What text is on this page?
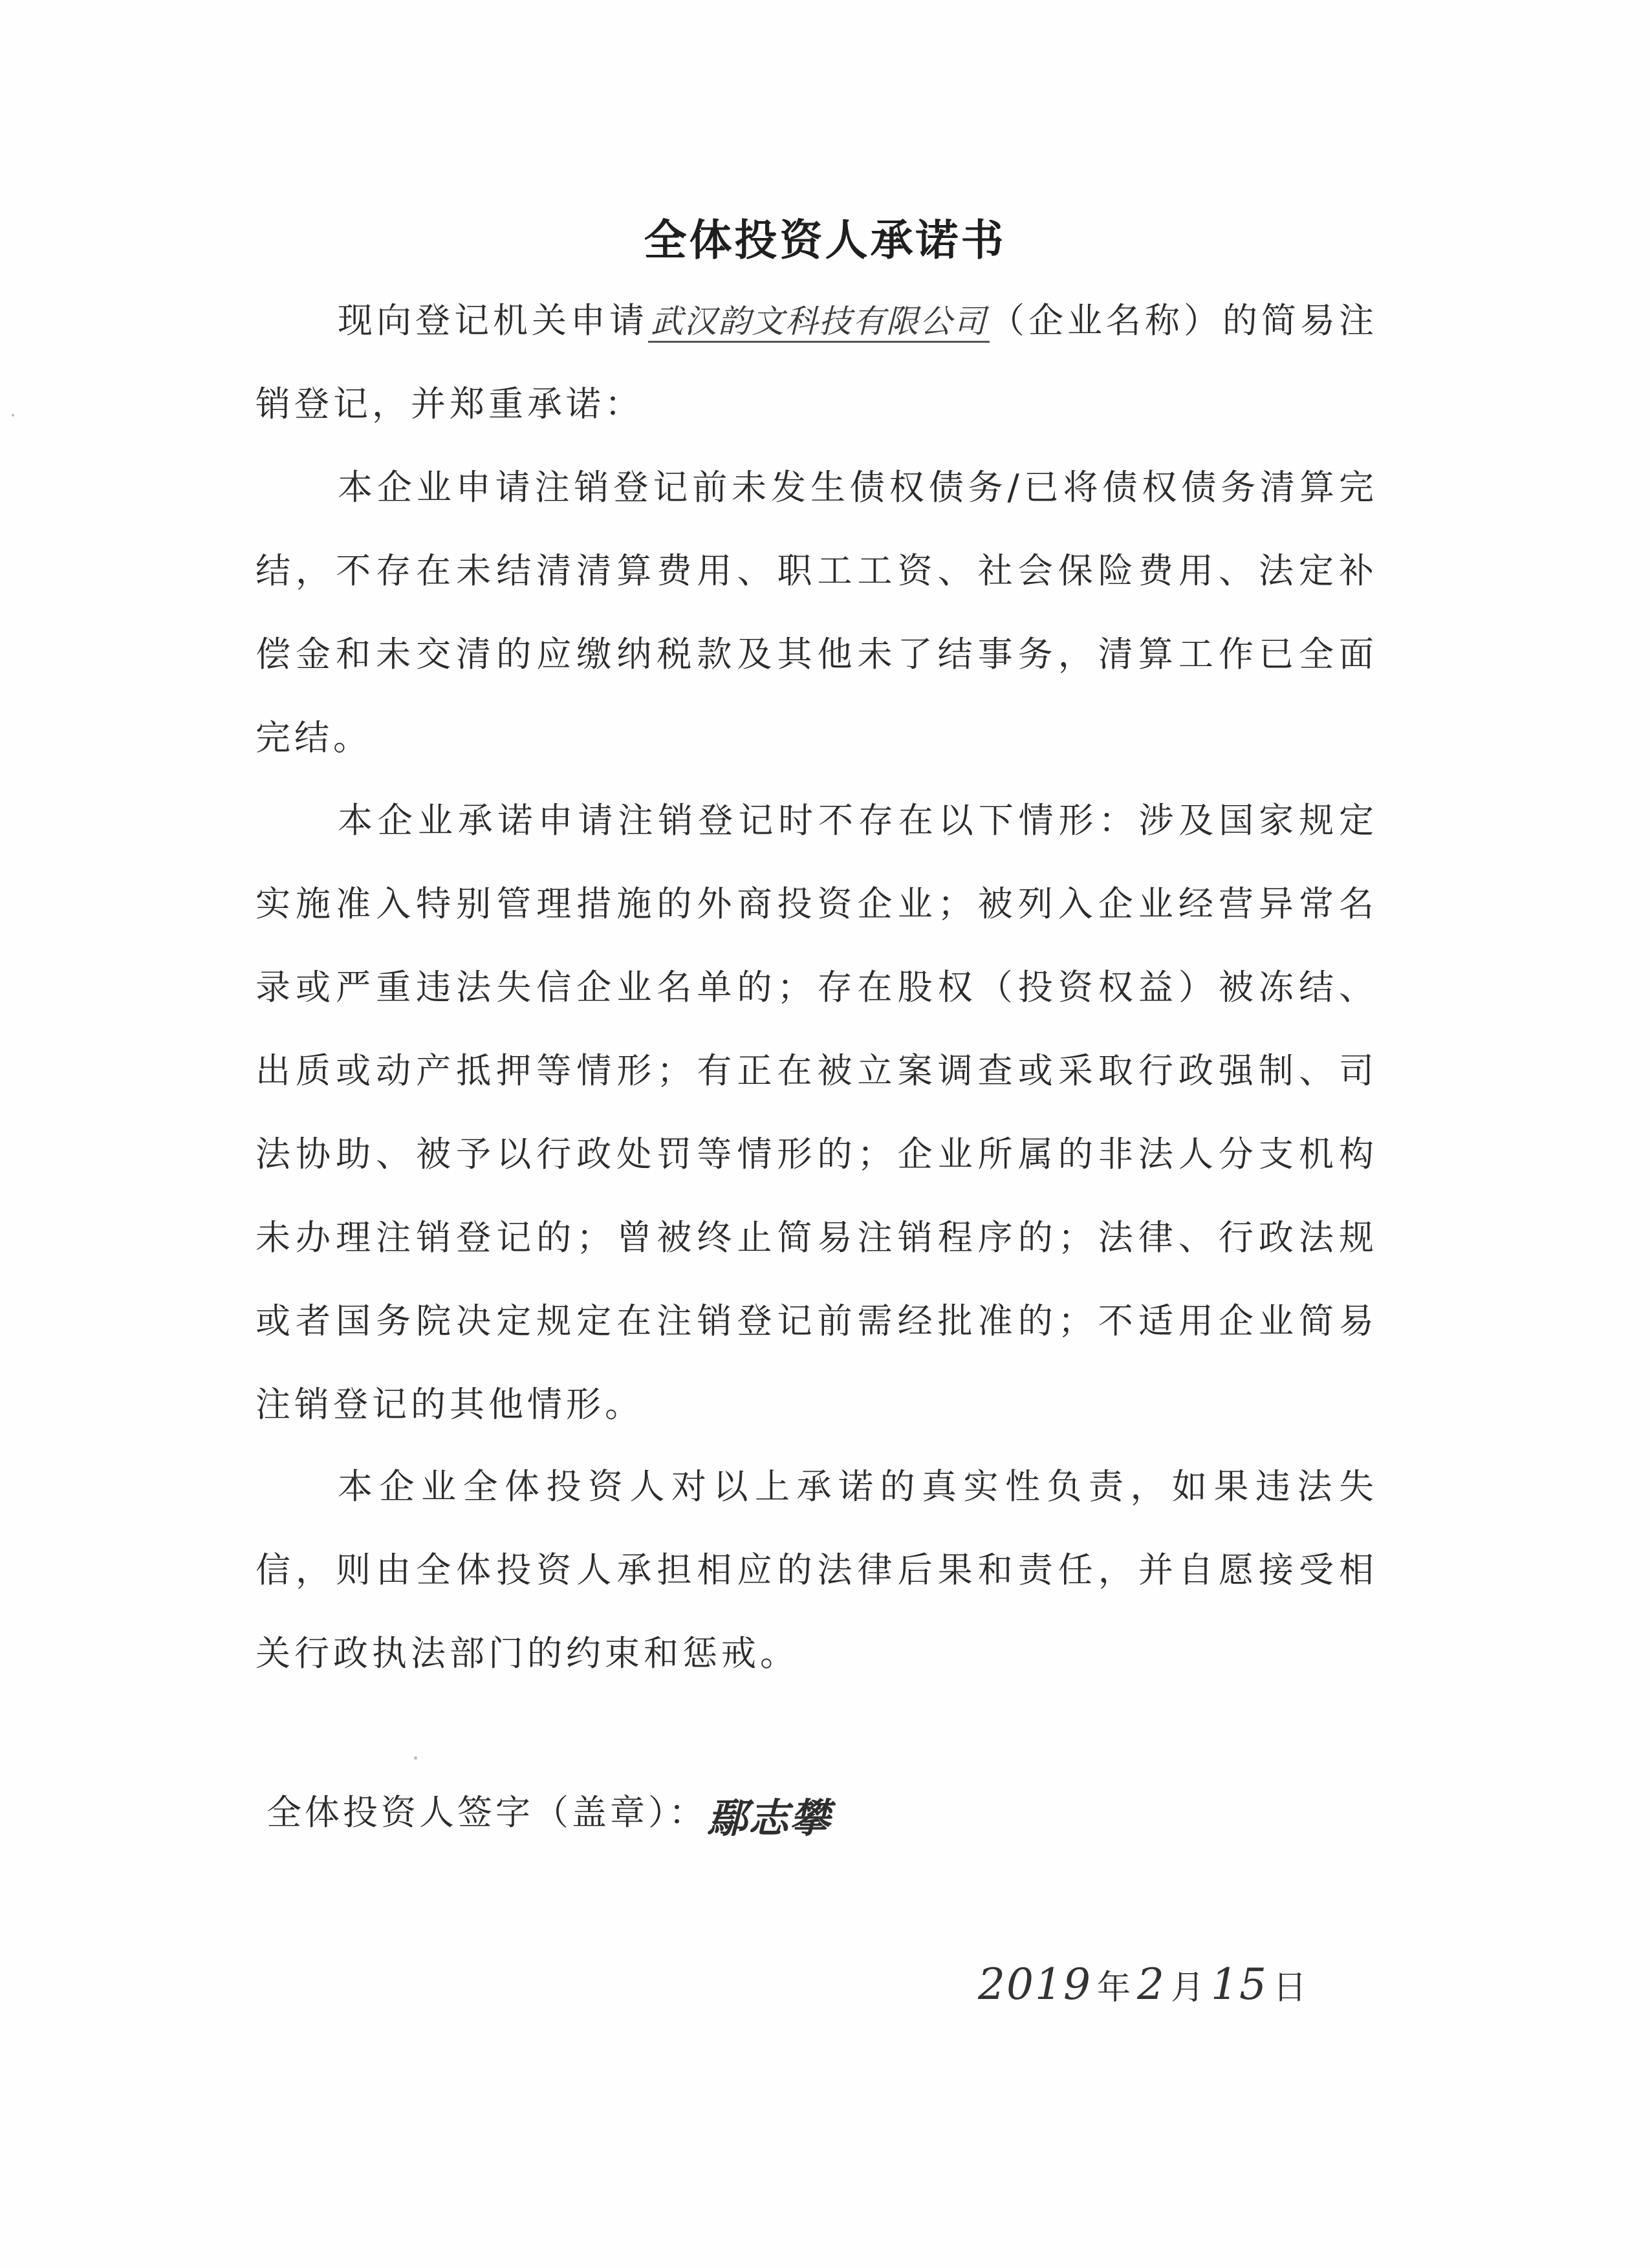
全体投资人承诺书

现向登记机关申请武汉韵文科技有限公司（企业名称）的简易注销登记，并郑重承诺：

本企业申请注销登记前未发生债权债务/已将债权债务清算完结，不存在未结清清算费用、职工工资、社会保险费用、法定补偿金和未交清的应缴纳税款及其他未了结事务，清算工作已全面完结。

本企业承诺申请注销登记时不存在以下情形：涉及国家规定实施准入特别管理措施的外商投资企业；被列入企业经营异常名录或严重违法失信企业名单的；存在股权（投资权益）被冻结、出质或动产抵押等情形；有正在被立案调查或采取行政强制、司法协助、被予以行政处罚等情形的；企业所属的非法人分支机构未办理注销登记的；曾被终止简易注销程序的；法律、行政法规或者国务院决定规定在注销登记前需经批准的；不适用企业简易注销登记的其他情形。

本企业全体投资人对以上承诺的真实性负责，如果违法失信，则由全体投资人承担相应的法律后果和责任，并自愿接受相关行政执法部门的约束和惩戒。

全体投资人签字（盖章）：鄢志攀
2019 年 2 月 15 日
